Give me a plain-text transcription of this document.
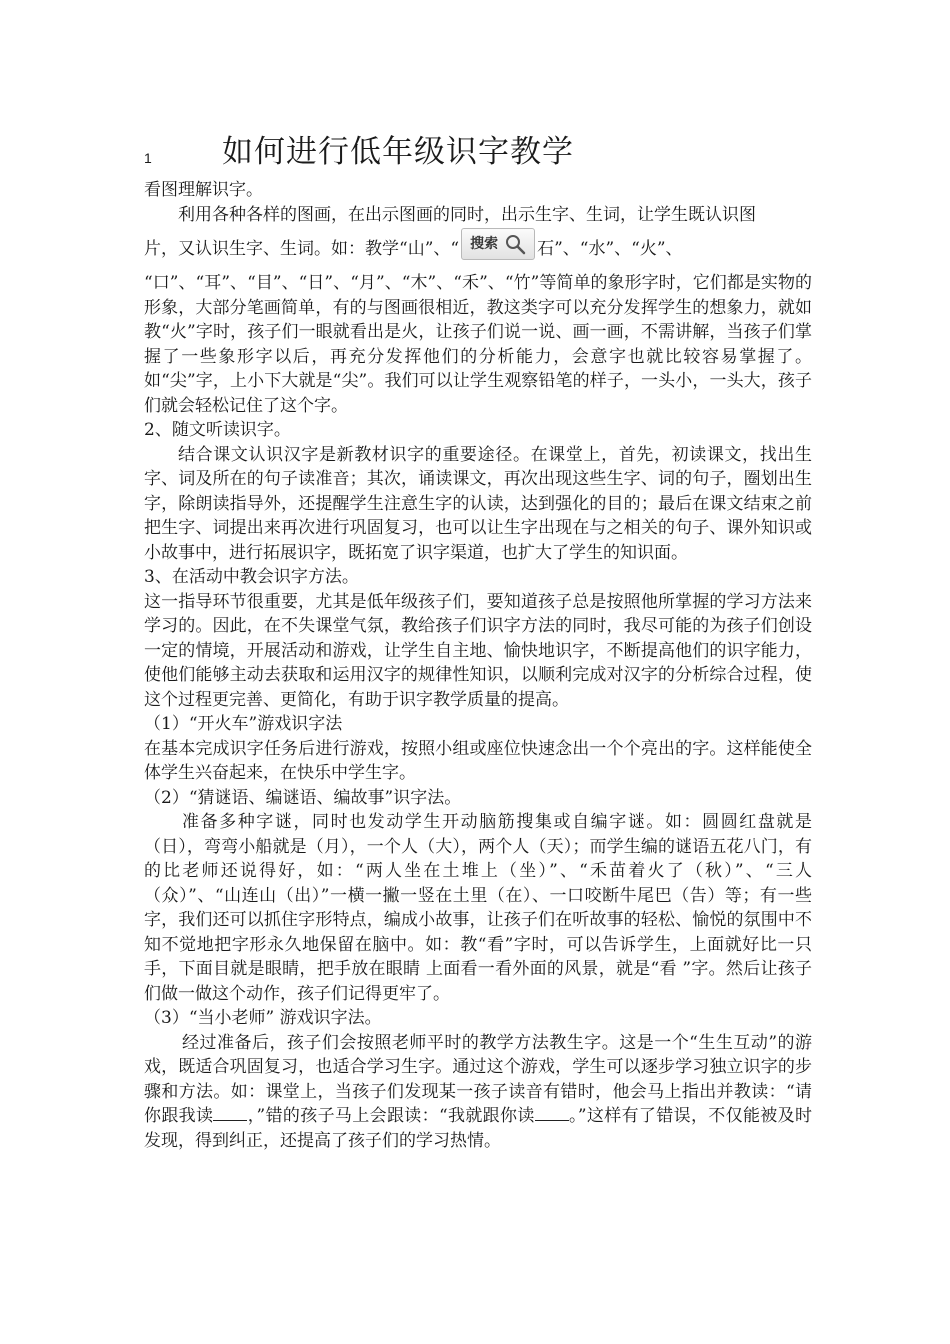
1 如何进行低年级识字教学

看图理解识字。

利用各种各样的图画，在出示图画的同时，出示生字、生词，让学生既认识图

片，又认识生字、生词。如：教学“山”、“ 搜索 石”、“水”、“火”、

“口”、“耳”、“目”、“日”、“月”、“木”、“禾”、“竹”等简单的象形字时，它们都是实物的形象，大部分笔画简单，有的与图画很相近，教这类字可以充分发挥学生的想象力，就如教“火”字时，孩子们一眼就看出是火，让孩子们说一说、画一画，不需讲解，当孩子们掌握了一些象形字以后，再充分发挥他们的分析能力，会意字也就比较容易掌握了。如“尖”字，上小下大就是“尖”。我们可以让学生观察铅笔的样子，一头小，一头大，孩子们就会轻松记住了这个字。

2、随文听读识字。

结合课文认识汉字是新教材识字的重要途径。在课堂上，首先，初读课文，找出生字、词及所在的句子读准音；其次，诵读课文，再次出现这些生字、词的句子，圈划出生字，除朗读指导外，还提醒学生注意生字的认读，达到强化的目的；最后在课文结束之前把生字、词提出来再次进行巩固复习，也可以让生字出现在与之相关的句子、课外知识或小故事中，进行拓展识字，既拓宽了识字渠道，也扩大了学生的知识面。

3、在活动中教会识字方法。

这一指导环节很重要，尤其是低年级孩子们，要知道孩子总是按照他所掌握的学习方法来学习的。因此，在不失课堂气氛，教给孩子们识字方法的同时，我尽可能的为孩子们创设一定的情境，开展活动和游戏，让学生自主地、愉快地识字，不断提高他们的识字能力，使他们能够主动去获取和运用汉字的规律性知识，以顺利完成对汉字的分析综合过程，使这个过程更完善、更简化，有助于识字教学质量的提高。

（1）“开火车”游戏识字法

在基本完成识字任务后进行游戏，按照小组或座位快速念出一个个亮出的字。这样能使全体学生兴奋起来，在快乐中学生字。

（2）“猜谜语、编谜语、编故事”识字法。

准备多种字谜，同时也发动学生开动脑筋搜集或自编字谜。如：圆圆红盘就是（日），弯弯小船就是（月），一个人（大），两个人（天）；而学生编的谜语五花八门，有的比老师还说得好，如：“两人坐在土堆上（坐）”、“禾苗着火了（秋）”、“三人（众）”、“山连山（出）”一横一撇一竖在土里（在）、一口咬断牛尾巴（告）等；有一些字，我们还可以抓住字形特点，编成小故事，让孩子们在听故事的轻松、愉悦的氛围中不知不觉地把字形永久地保留在脑中。如：教“看”字时，可以告诉学生，上面就好比一只手，下面目就是眼睛，把手放在眼睛 上面看一看外面的风景，就是“看 ”字。然后让孩子们做一做这个动作，孩子们记得更牢了。

（3）“当小老师” 游戏识字法。

经过准备后，孩子们会按照老师平时的教学方法教生字。这是一个“生生互动”的游戏，既适合巩固复习，也适合学习生字。通过这个游戏，学生可以逐步学习独立识字的步骤和方法。如：课堂上，当孩子们发现某一孩子读音有错时，他会马上指出并教读：“请你跟我读 ，”错的孩子马上会跟读：“我就跟你读 。”这样有了错误，不仅能被及时发现，得到纠正，还提高了孩子们的学习热情。
